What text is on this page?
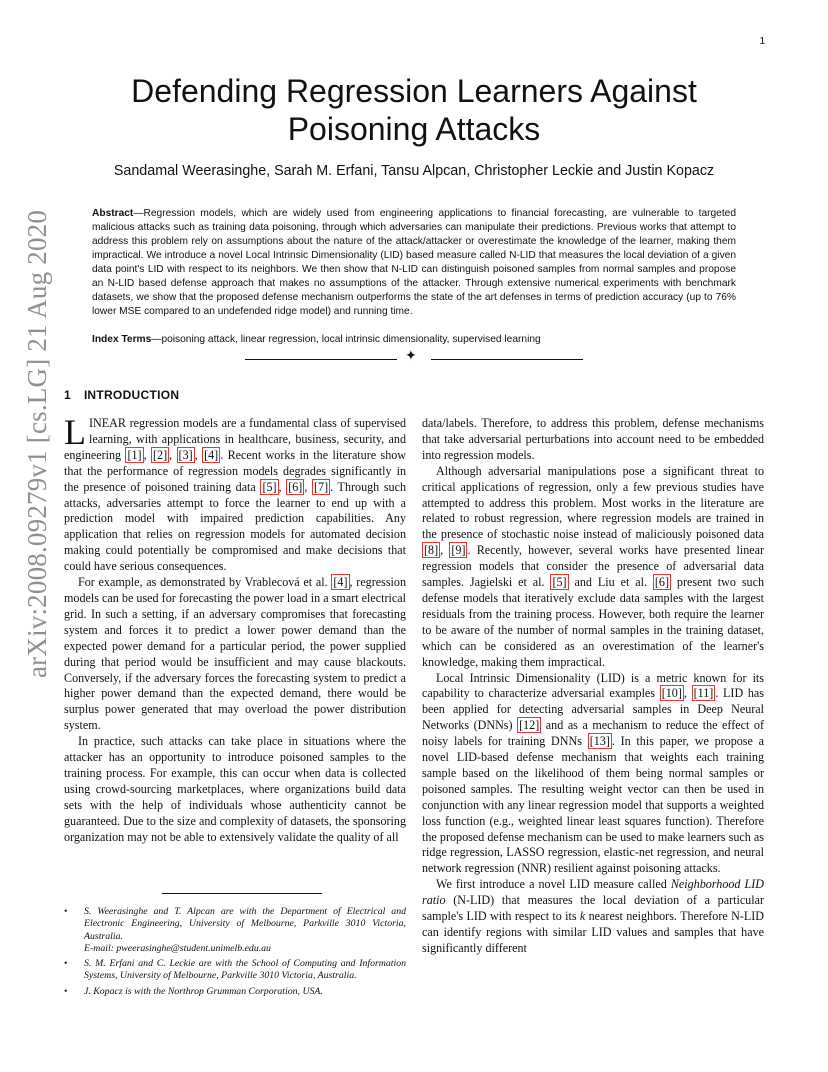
1
arXiv:2008.09279v1 [cs.LG] 21 Aug 2020
Defending Regression Learners Against Poisoning Attacks
Sandamal Weerasinghe, Sarah M. Erfani, Tansu Alpcan, Christopher Leckie and Justin Kopacz

Abstract—Regression models, which are widely used from engineering applications to financial forecasting, are vulnerable to targeted malicious attacks such as training data poisoning, through which adversaries can manipulate their predictions. Previous works that attempt to address this problem rely on assumptions about the nature of the attack/attacker or overestimate the knowledge of the learner, making them impractical. We introduce a novel Local Intrinsic Dimensionality (LID) based measure called N-LID that measures the local deviation of a given data point's LID with respect to its neighbors. We then show that N-LID can distinguish poisoned samples from normal samples and propose an N-LID based defense approach that makes no assumptions of the attacker. Through extensive numerical experiments with benchmark datasets, we show that the proposed defense mechanism outperforms the state of the art defenses in terms of prediction accuracy (up to 76% lower MSE compared to an undefended ridge model) and running time.

Index Terms—poisoning attack, linear regression, local intrinsic dimensionality, supervised learning

✦
1 INTRODUCTION

LINEAR regression models are a fundamental class of supervised learning, with applications in healthcare, business, security, and engineering [1] , [2] , [3] , [4] . Recent works in the literature show that the performance of regression models degrades significantly in the presence of poisoned training data [5] , [6] , [7] . Through such attacks, adversaries attempt to force the learner to end up with a prediction model with impaired prediction capabilities. Any application that relies on regression models for automated decision making could potentially be compromised and make decisions that could have serious consequences.

For example, as demonstrated by Vrablecová et al. [4] , regression models can be used for forecasting the power load in a smart electrical grid. In such a setting, if an adversary compromises that forecasting system and forces it to predict a lower power demand than the expected power demand for a particular period, the power supplied during that period would be insufficient and may cause blackouts. Conversely, if the adversary forces the forecasting system to predict a higher power demand than the expected demand, there would be surplus power generated that may overload the power distribution system.

In practice, such attacks can take place in situations where the attacker has an opportunity to introduce poisoned samples to the training process. For example, this can occur when data is collected using crowd-sourcing marketplaces, where organizations build data sets with the help of individuals whose authenticity cannot be guaranteed. Due to the size and complexity of datasets, the sponsoring organization may not be able to extensively validate the quality of all

data/labels. Therefore, to address this problem, defense mechanisms that take adversarial perturbations into account need to be embedded into regression models.

Although adversarial manipulations pose a significant threat to critical applications of regression, only a few previous studies have attempted to address this problem. Most works in the literature are related to robust regression, where regression models are trained in the presence of stochastic noise instead of maliciously poisoned data [8] , [9] . Recently, however, several works have presented linear regression models that consider the presence of adversarial data samples. Jagielski et al. [5] and Liu et al. [6] present two such defense models that iteratively exclude data samples with the largest residuals from the training process. However, both require the learner to be aware of the number of normal samples in the training dataset, which can be considered as an overestimation of the learner's knowledge, making them impractical.

Local Intrinsic Dimensionality (LID) is a metric known for its capability to characterize adversarial examples [10] , [11] . LID has been applied for detecting adversarial samples in Deep Neural Networks (DNNs) [12] and as a mechanism to reduce the effect of noisy labels for training DNNs [13] . In this paper, we propose a novel LID-based defense mechanism that weights each training sample based on the likelihood of them being normal samples or poisoned samples. The resulting weight vector can then be used in conjunction with any linear regression model that supports a weighted loss function (e.g., weighted linear least squares function). Therefore the proposed defense mechanism can be used to make learners such as ridge regression, LASSO regression, elastic-net regression, and neural network regression (NNR) resilient against poisoning attacks.

We first introduce a novel LID measure called Neighborhood LID ratio (N-LID) that measures the local deviation of a particular sample's LID with respect to its k nearest neighbors. Therefore N-LID can identify regions with similar LID values and samples that have significantly different

• S. Weerasinghe and T. Alpcan are with the Department of Electrical and Electronic Engineering, University of Melbourne, Parkville 3010 Victoria, Australia.
E-mail: pweerasinghe@student.unimelb.edu.au
• S. M. Erfani and C. Leckie are with the School of Computing and Information Systems, University of Melbourne, Parkville 3010 Victoria, Australia.
• J. Kopacz is with the Northrop Grumman Corporation, USA.
